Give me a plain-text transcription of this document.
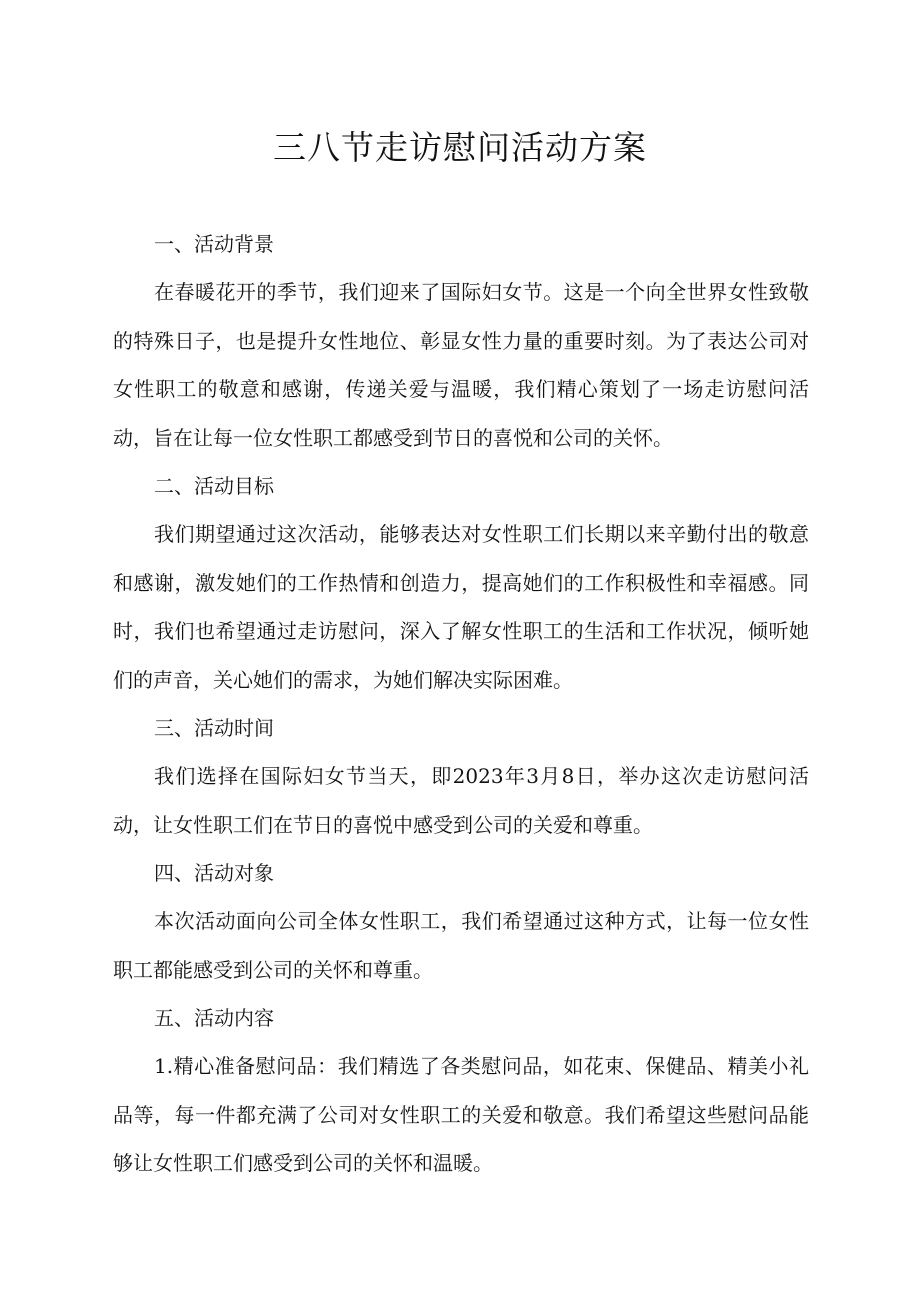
三八节走访慰问活动方案
一、活动背景

在春暖花开的季节，我们迎来了国际妇女节。这是一个向全世界女性致敬的特殊日子，也是提升女性地位、彰显女性力量的重要时刻。为了表达公司对女性职工的敬意和感谢，传递关爱与温暖，我们精心策划了一场走访慰问活动，旨在让每一位女性职工都感受到节日的喜悦和公司的关怀。

二、活动目标

我们期望通过这次活动，能够表达对女性职工们长期以来辛勤付出的敬意和感谢，激发她们的工作热情和创造力，提高她们的工作积极性和幸福感。同时，我们也希望通过走访慰问，深入了解女性职工的生活和工作状况，倾听她们的声音，关心她们的需求，为她们解决实际困难。

三、活动时间

我们选择在国际妇女节当天，即2023年3月8日，举办这次走访慰问活动，让女性职工们在节日的喜悦中感受到公司的关爱和尊重。

四、活动对象

本次活动面向公司全体女性职工，我们希望通过这种方式，让每一位女性职工都能感受到公司的关怀和尊重。

五、活动内容

1.精心准备慰问品：我们精选了各类慰问品，如花束、保健品、精美小礼品等，每一件都充满了公司对女性职工的关爱和敬意。我们希望这些慰问品能够让女性职工们感受到公司的关怀和温暖。
